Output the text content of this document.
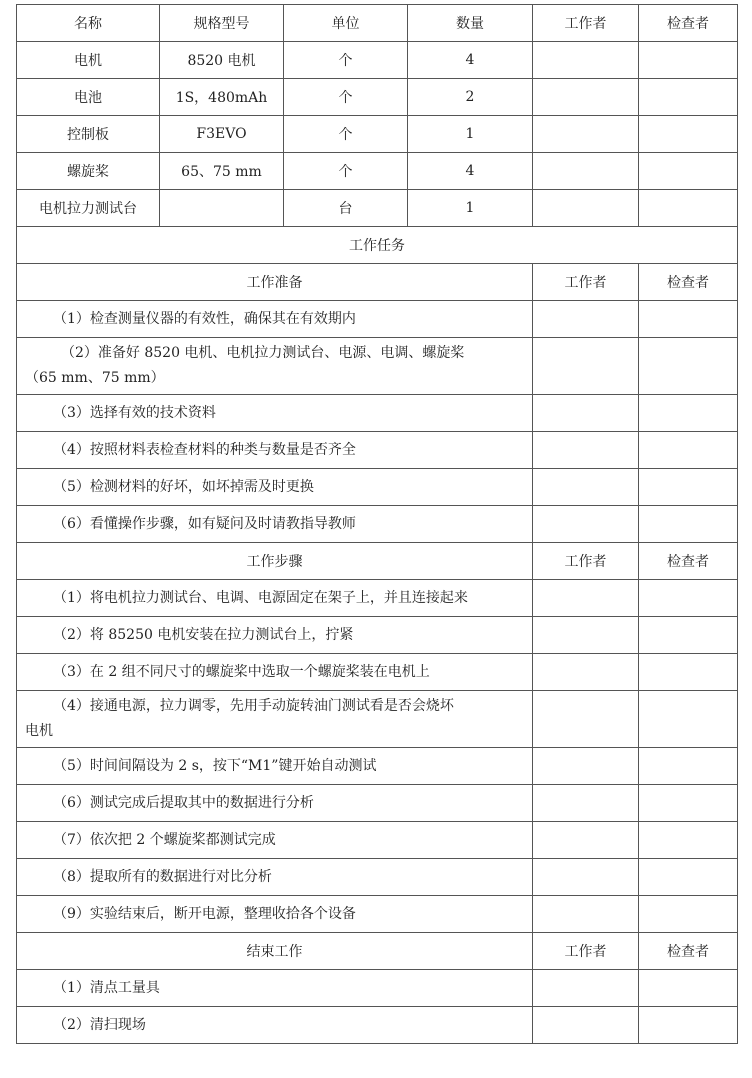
名称	规格型号	单位	数量	工作者	检查者
电机	8520 电机	个	4		
电池	1S，480mAh	个	2		
控制板	F3EVO	个	1		
螺旋桨	65、75 mm	个	4		
电机拉力测试台		台	1		
工作任务					
工作准备				工作者	检查者
（1）检查测量仪器的有效性，确保其在有效期内					

（2）准备好 8520 电机、电机拉力测试台、电源、电调、螺旋桨
（65 mm、75 mm）					

（3）选择有效的技术资料					
（4）按照材料表检查材料的种类与数量是否齐全					
（5）检测材料的好坏，如坏掉需及时更换					
（6）看懂操作步骤，如有疑问及时请教指导教师					
工作步骤				工作者	检查者
（1）将电机拉力测试台、电调、电源固定在架子上，并且连接起来					
（2）将 85250 电机安装在拉力测试台上，拧紧					
（3）在 2 组不同尺寸的螺旋桨中选取一个螺旋桨装在电机上					

（4）接通电源，拉力调零，先用手动旋转油门测试看是否会烧坏
电机					

（5）时间间隔设为 2 s，按下“M1”键开始自动测试					
（6）测试完成后提取其中的数据进行分析					
（7）依次把 2 个螺旋桨都测试完成					
（8）提取所有的数据进行对比分析					
（9）实验结束后，断开电源，整理收拾各个设备					
结束工作				工作者	检查者
（1）清点工量具					
（2）清扫现场					
